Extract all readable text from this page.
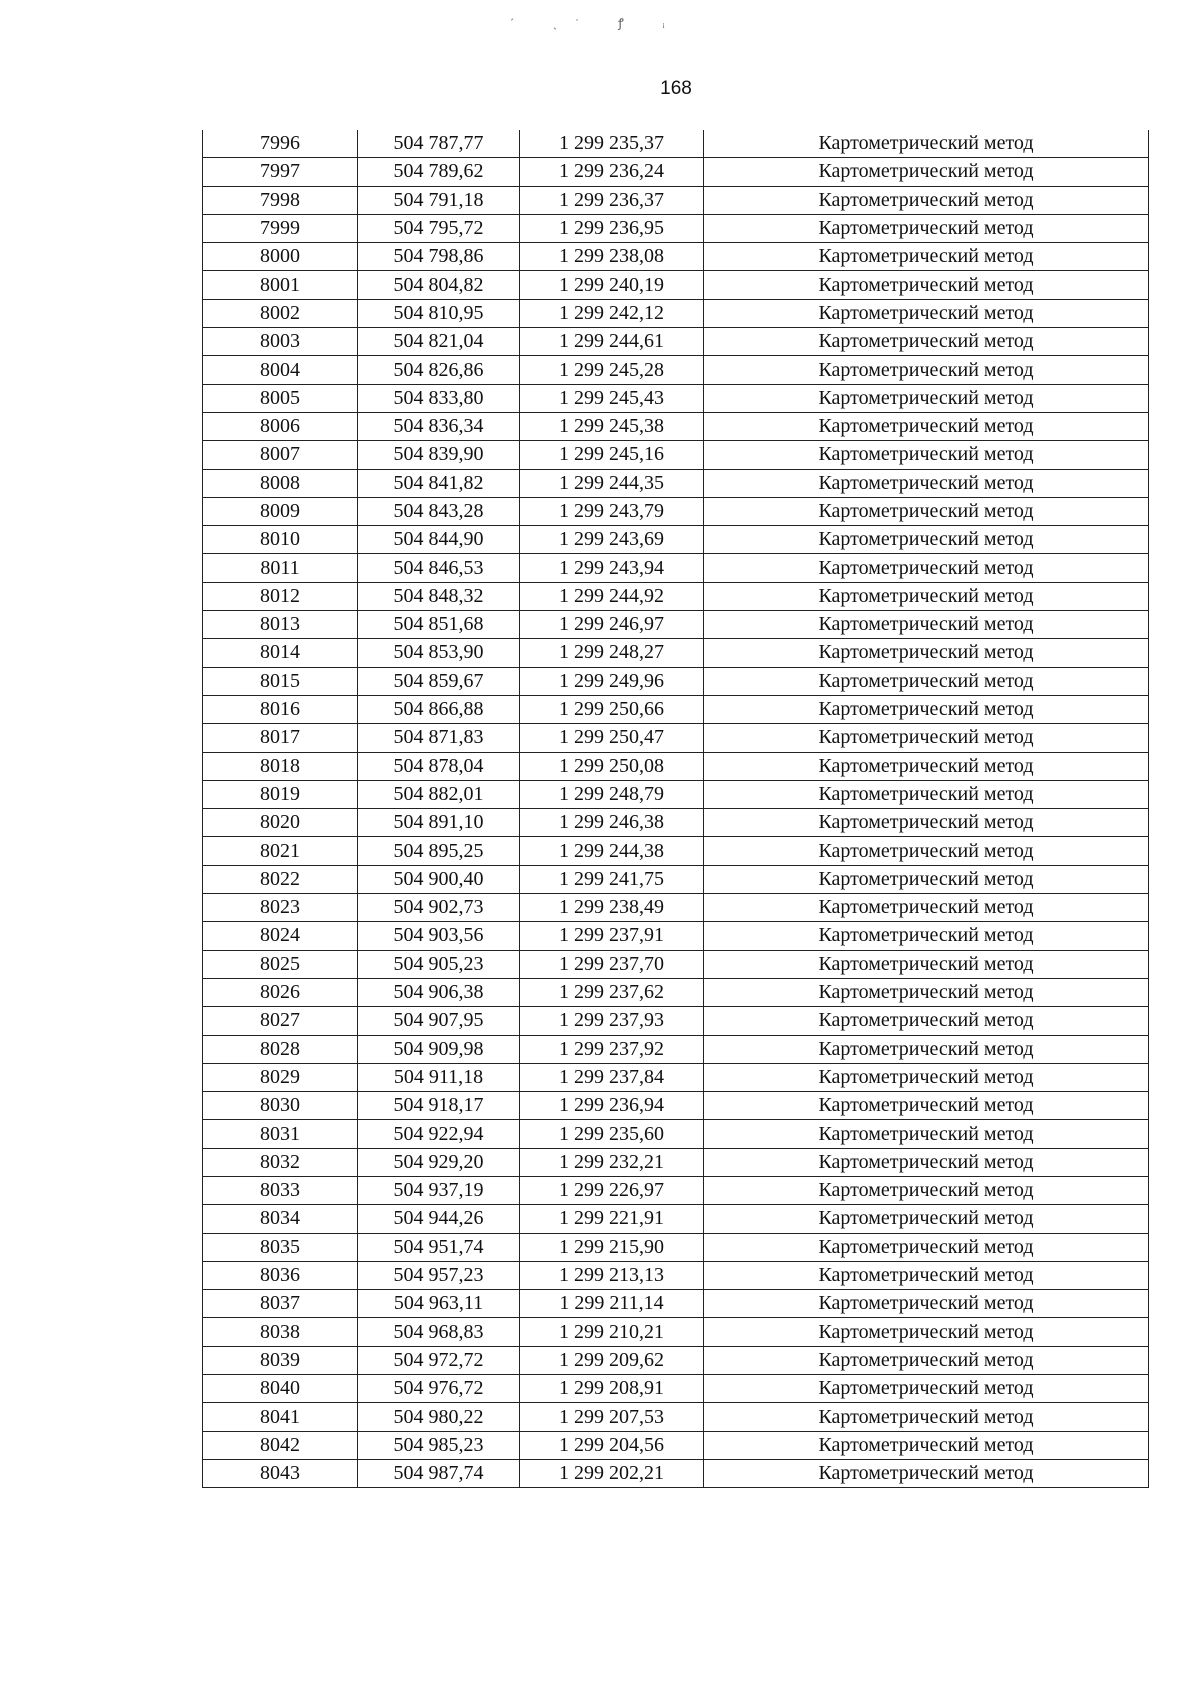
ˊ ˎ˙ ꝭ ᵢ
168
7996	504 787,77	1 299 235,37	Картометрический метод
7997	504 789,62	1 299 236,24	Картометрический метод
7998	504 791,18	1 299 236,37	Картометрический метод
7999	504 795,72	1 299 236,95	Картометрический метод
8000	504 798,86	1 299 238,08	Картометрический метод
8001	504 804,82	1 299 240,19	Картометрический метод
8002	504 810,95	1 299 242,12	Картометрический метод
8003	504 821,04	1 299 244,61	Картометрический метод
8004	504 826,86	1 299 245,28	Картометрический метод
8005	504 833,80	1 299 245,43	Картометрический метод
8006	504 836,34	1 299 245,38	Картометрический метод
8007	504 839,90	1 299 245,16	Картометрический метод
8008	504 841,82	1 299 244,35	Картометрический метод
8009	504 843,28	1 299 243,79	Картометрический метод
8010	504 844,90	1 299 243,69	Картометрический метод
8011	504 846,53	1 299 243,94	Картометрический метод
8012	504 848,32	1 299 244,92	Картометрический метод
8013	504 851,68	1 299 246,97	Картометрический метод
8014	504 853,90	1 299 248,27	Картометрический метод
8015	504 859,67	1 299 249,96	Картометрический метод
8016	504 866,88	1 299 250,66	Картометрический метод
8017	504 871,83	1 299 250,47	Картометрический метод
8018	504 878,04	1 299 250,08	Картометрический метод
8019	504 882,01	1 299 248,79	Картометрический метод
8020	504 891,10	1 299 246,38	Картометрический метод
8021	504 895,25	1 299 244,38	Картометрический метод
8022	504 900,40	1 299 241,75	Картометрический метод
8023	504 902,73	1 299 238,49	Картометрический метод
8024	504 903,56	1 299 237,91	Картометрический метод
8025	504 905,23	1 299 237,70	Картометрический метод
8026	504 906,38	1 299 237,62	Картометрический метод
8027	504 907,95	1 299 237,93	Картометрический метод
8028	504 909,98	1 299 237,92	Картометрический метод
8029	504 911,18	1 299 237,84	Картометрический метод
8030	504 918,17	1 299 236,94	Картометрический метод
8031	504 922,94	1 299 235,60	Картометрический метод
8032	504 929,20	1 299 232,21	Картометрический метод
8033	504 937,19	1 299 226,97	Картометрический метод
8034	504 944,26	1 299 221,91	Картометрический метод
8035	504 951,74	1 299 215,90	Картометрический метод
8036	504 957,23	1 299 213,13	Картометрический метод
8037	504 963,11	1 299 211,14	Картометрический метод
8038	504 968,83	1 299 210,21	Картометрический метод
8039	504 972,72	1 299 209,62	Картометрический метод
8040	504 976,72	1 299 208,91	Картометрический метод
8041	504 980,22	1 299 207,53	Картометрический метод
8042	504 985,23	1 299 204,56	Картометрический метод
8043	504 987,74	1 299 202,21	Картометрический метод
